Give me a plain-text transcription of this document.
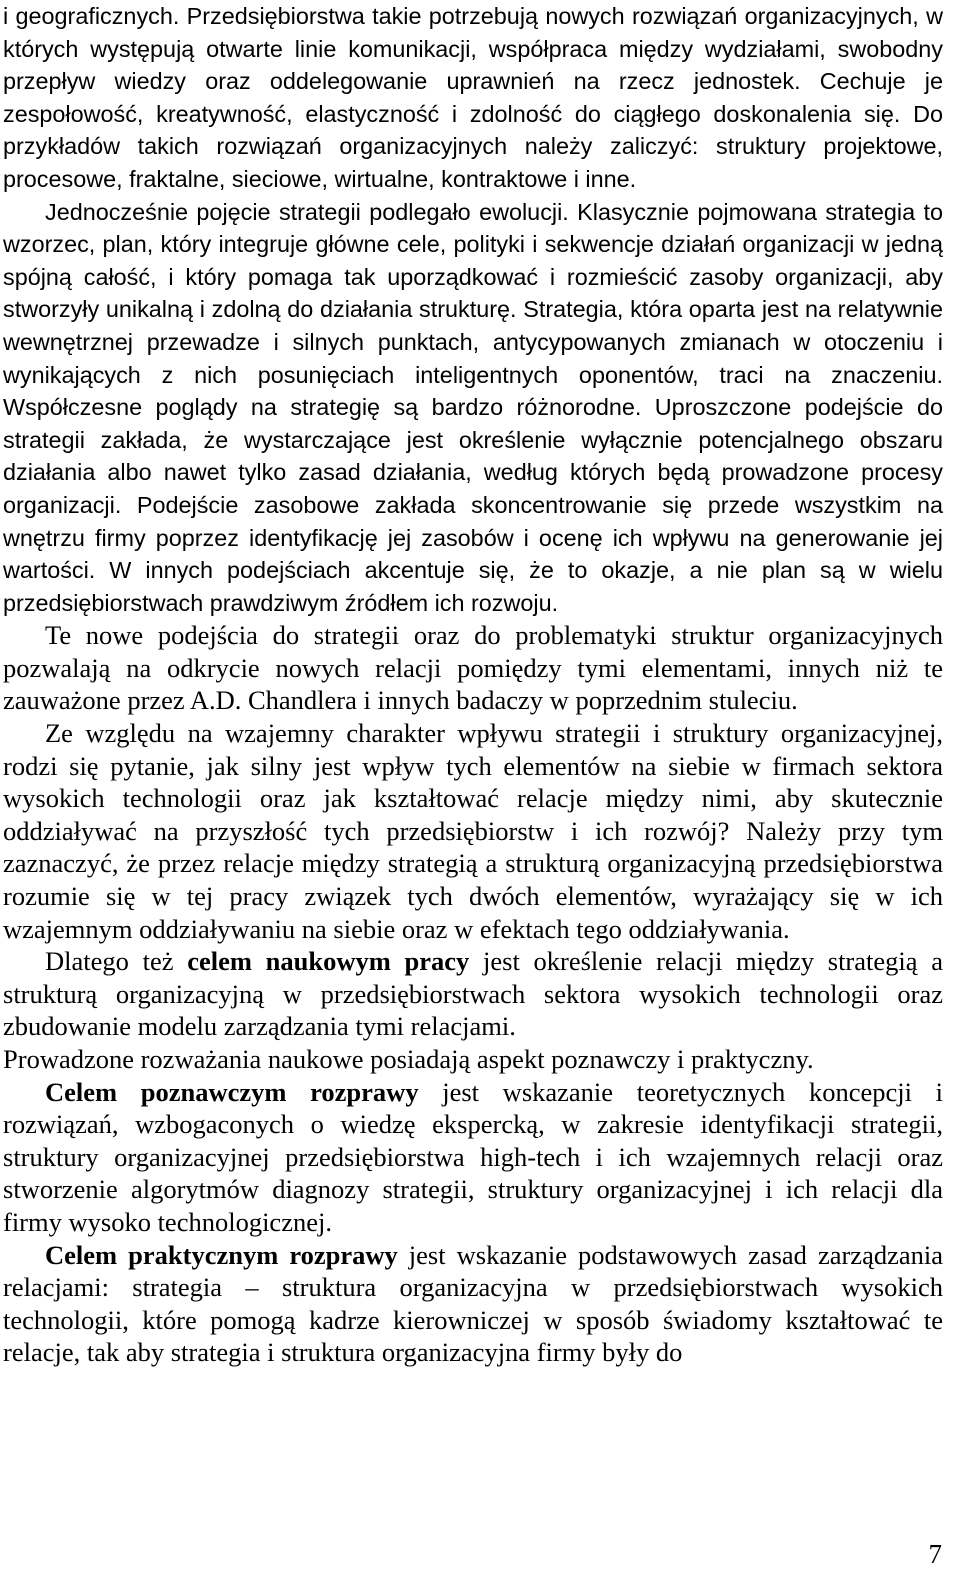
i geograficznych. Przedsiębiorstwa takie potrzebują nowych rozwiązań organizacyjnych, w których występują otwarte linie komunikacji, współpraca między wydziałami, swobodny przepływ wiedzy oraz oddelegowanie uprawnień na rzecz jednostek. Cechuje je zespołowość, kreatywność, elastyczność i zdolność do ciągłego doskonalenia się. Do przykładów takich rozwiązań organizacyjnych należy zaliczyć: struktury projektowe, procesowe, fraktalne, sieciowe, wirtualne, kontraktowe i inne.

Jednocześnie pojęcie strategii podlegało ewolucji. Klasycznie pojmowana strategia to wzorzec, plan, który integruje główne cele, polityki i sekwencje działań organizacji w jedną spójną całość, i który pomaga tak uporządkować i rozmieścić zasoby organizacji, aby stworzyły unikalną i zdolną do działania strukturę. Strategia, która oparta jest na relatywnie wewnętrznej przewadze i silnych punktach, antycypowanych zmianach w otoczeniu i wynikających z nich posunięciach inteligentnych oponentów, traci na znaczeniu. Współczesne poglądy na strategię są bardzo różnorodne. Uproszczone podejście do strategii zakłada, że wystarczające jest określenie wyłącznie potencjalnego obszaru działania albo nawet tylko zasad działania, według których będą prowadzone procesy organizacji. Podejście zasobowe zakłada skoncentrowanie się przede wszystkim na wnętrzu firmy poprzez identyfikację jej zasobów i ocenę ich wpływu na generowanie jej wartości. W innych podejściach akcentuje się, że to okazje, a nie plan są w wielu przedsiębiorstwach prawdziwym źródłem ich rozwoju.

Te nowe podejścia do strategii oraz do problematyki struktur organizacyjnych pozwalają na odkrycie nowych relacji pomiędzy tymi elementami, innych niż te zauważone przez A.D. Chandlera i innych badaczy w poprzednim stuleciu.

Ze względu na wzajemny charakter wpływu strategii i struktury organizacyjnej, rodzi się pytanie, jak silny jest wpływ tych elementów na siebie w firmach sektora wysokich technologii oraz jak kształtować relacje między nimi, aby skutecznie oddziaływać na przyszłość tych przedsiębiorstw i ich rozwój? Należy przy tym zaznaczyć, że przez relacje między strategią a strukturą organizacyjną przedsiębiorstwa rozumie się w tej pracy związek tych dwóch elementów, wyrażający się w ich wzajemnym oddziaływaniu na siebie oraz w efektach tego oddziaływania.

Dlatego też celem naukowym pracy jest określenie relacji między strategią a strukturą organizacyjną w przedsiębiorstwach sektora wysokich technologii oraz zbudowanie modelu zarządzania tymi relacjami.

Prowadzone rozważania naukowe posiadają aspekt poznawczy i praktyczny.

Celem poznawczym rozprawy jest wskazanie teoretycznych koncepcji i rozwiązań, wzbogaconych o wiedzę ekspercką, w zakresie identyfikacji strategii, struktury organizacyjnej przedsiębiorstwa high-tech i ich wzajemnych relacji oraz stworzenie algorytmów diagnozy strategii, struktury organizacyjnej i ich relacji dla firmy wysoko technologicznej.

Celem praktycznym rozprawy jest wskazanie podstawowych zasad zarządzania relacjami: strategia – struktura organizacyjna w przedsiębiorstwach wysokich technologii, które pomogą kadrze kierowniczej w sposób świadomy kształtować te relacje, tak aby strategia i struktura organizacyjna firmy były do

7
